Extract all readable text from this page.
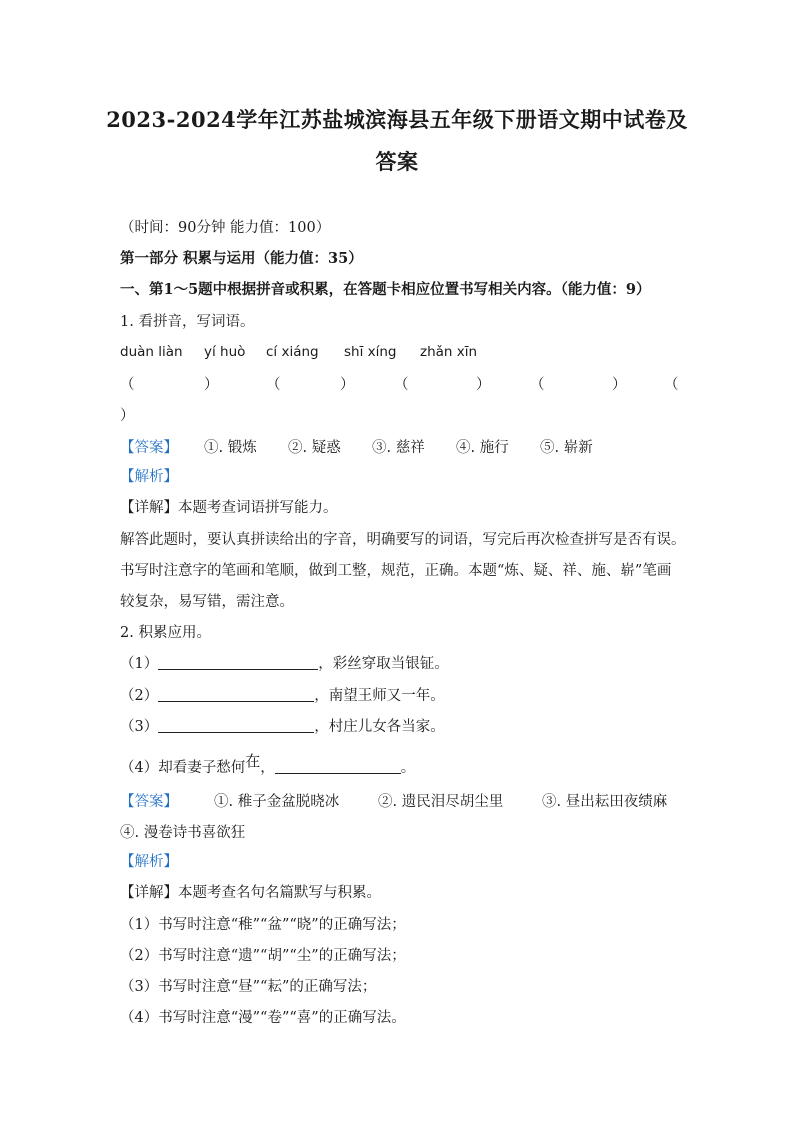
2023-2024学年江苏盐城滨海县五年级下册语文期中试卷及
答案
（时间：90分钟 能力值：100）
第一部分 积累与运用（能力值：35）
一、第1～5题中根据拼音或积累，在答题卡相应位置书写相关内容。（能力值：9）
1. 看拼音，写词语。
duàn liàn yí huò cí xiáng shī xíng zhǎn xīn
（	）	（	）	（	）	（	）	（
）
【答案】 ①. 锻炼 ②. 疑惑 ③. 慈祥 ④. 施行 ⑤. 崭新
【解析】
【详解】本题考查词语拼写能力。
解答此题时，要认真拼读给出的字音，明确要写的词语，写完后再次检查拼写是否有误。
书写时注意字的笔画和笔顺，做到工整，规范，正确。本题“炼、疑、祥、施、崭”笔画
较复杂，易写错，需注意。
2. 积累应用。
（1）	，彩丝穿取当银钲。
（2）	，南望王师又一年。
（3）	，村庄儿女各当家。
（4）却看妻子愁何在，	。
【答案】 ①. 稚子金盆脱晓冰	②. 遗民泪尽胡尘里	③. 昼出耘田夜绩麻
④. 漫卷诗书喜欲狂
【解析】
【详解】本题考查名句名篇默写与积累。
（1）书写时注意“稚”“盆”“晓”的正确写法；
（2）书写时注意“遗”“胡”“尘”的正确写法；
（3）书写时注意“昼”“耘”的正确写法；
（4）书写时注意“漫”“卷”“喜”的正确写法。
